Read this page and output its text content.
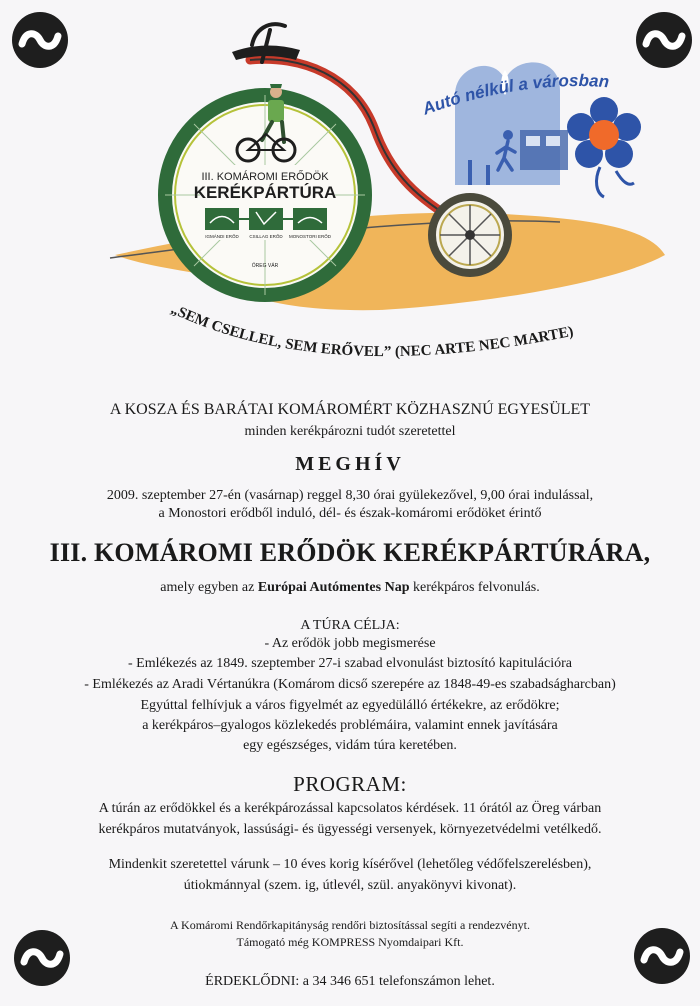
Autó nélkül a városban
III. KOMÁROMI ERŐDÖK
KERÉKPÁRTÚRA
IGMÁNDI ERŐD CSILLAG ERŐD MONOSTORI ERŐD
ÖREG VÁR
„SEM CSELLEL, SEM ERŐVEL” (NEC ARTE NEC MARTE)
A KOSZA ÉS BARÁTAI KOMÁROMÉRT KÖZHASZNÚ EGYESÜLET
minden kerékpározni tudót szeretettel
MEGHÍV
2009. szeptember 27-én (vasárnap) reggel 8,30 órai gyülekezővel, 9,00 órai indulással,
a Monostori erődből induló, dél- és észak-komáromi erődöket érintő
III. KOMÁROMI ERŐDÖK KERÉKPÁRTÚRÁRA,
amely egyben az Európai Autómentes Nap kerékpáros felvonulás.
A TÚRA CÉLJA:
- Az erődök jobb megismerése
- Emlékezés az 1849. szeptember 27-i szabad elvonulást biztosító kapitulációra
- Emlékezés az Aradi Vértanúkra (Komárom dicső szerepére az 1848-49-es szabadságharcban)
Egyúttal felhívjuk a város figyelmét az egyedülálló értékekre, az erődökre;
a kerékpáros–gyalogos közlekedés problémáira, valamint ennek javítására
egy egészséges, vidám túra keretében.
PROGRAM:
A túrán az erődökkel és a kerékpározással kapcsolatos kérdések. 11 órától az Öreg várban
kerékpáros mutatványok, lassúsági- és ügyességi versenyek, környezetvédelmi vetélkedő.
Mindenkit szeretettel várunk – 10 éves korig kísérővel (lehetőleg védőfelszerelésben),
útiokmánnyal (szem. ig, útlevél, szül. anyakönyvi kivonat).
A Komáromi Rendőrkapitányság rendőri biztosítással segíti a rendezvényt.
Támogató még KOMPRESS Nyomdaipari Kft.
ÉRDEKLŐDNI: a 34 346 651 telefonszámon lehet.
